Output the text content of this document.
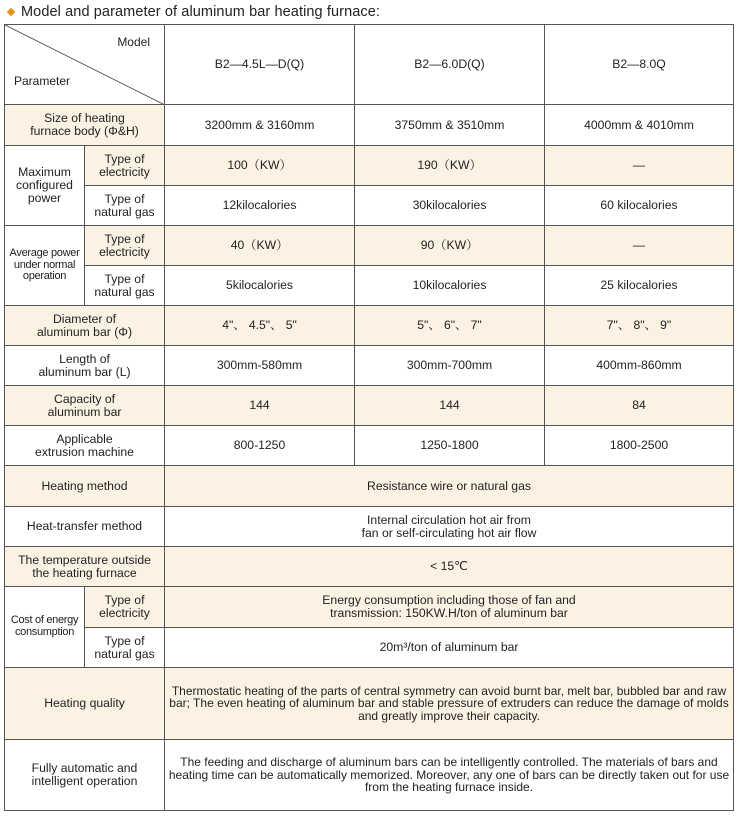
Model and parameter of aluminum bar heating furnace:
Model
Parameter		B2—4.5L—D(Q)	B2—6.0D(Q)	B2—8.0Q
Size of heating
furnace body (Φ&H)		3200mm & 3160mm	3750mm & 3510mm	4000mm & 4010mm
Maximum
configured
power	Type of
electricity	100（KW）	190（KW）	—
	Type of
natural gas	12kilocalories	30kilocalories	60 kilocalories
Average power
under normal
operation	Type of
electricity	40（KW）	90（KW）	—
	Type of
natural gas	5kilocalories	10kilocalories	25 kilocalories
Diameter of
aluminum bar (Φ)		4"、 4.5"、 5"	5"、 6"、 7"	7"、 8"、 9"
Length of
aluminum bar (L)		300mm-580mm	300mm-700mm	400mm-860mm
Capacity of
aluminum bar		144	144	84
Applicable
extrusion machine		800-1250	1250-1800	1800-2500
Heating method		Resistance wire or natural gas		
Heat-transfer method		Internal circulation hot air from
fan or self-circulating hot air flow		
The temperature outside
the heating furnace		< 15℃		
Cost of energy
consumption	Type of
electricity	Energy consumption including those of fan and
transmission: 150KW.H/ton of aluminum bar		
	Type of
natural gas	20m³/ton of aluminum bar		
Heating quality		Thermostatic heating of the parts of central symmetry can avoid burnt bar, melt bar, bubbled bar and raw bar; The even heating of aluminum bar and stable pressure of extruders can reduce the damage of molds and greatly improve their capacity.		
Fully automatic and
intelligent operation		The feeding and discharge of aluminum bars can be intelligently controlled. The materials of bars and heating time can be automatically memorized. Moreover, any one of bars can be directly taken out for use from the heating furnace inside.		
